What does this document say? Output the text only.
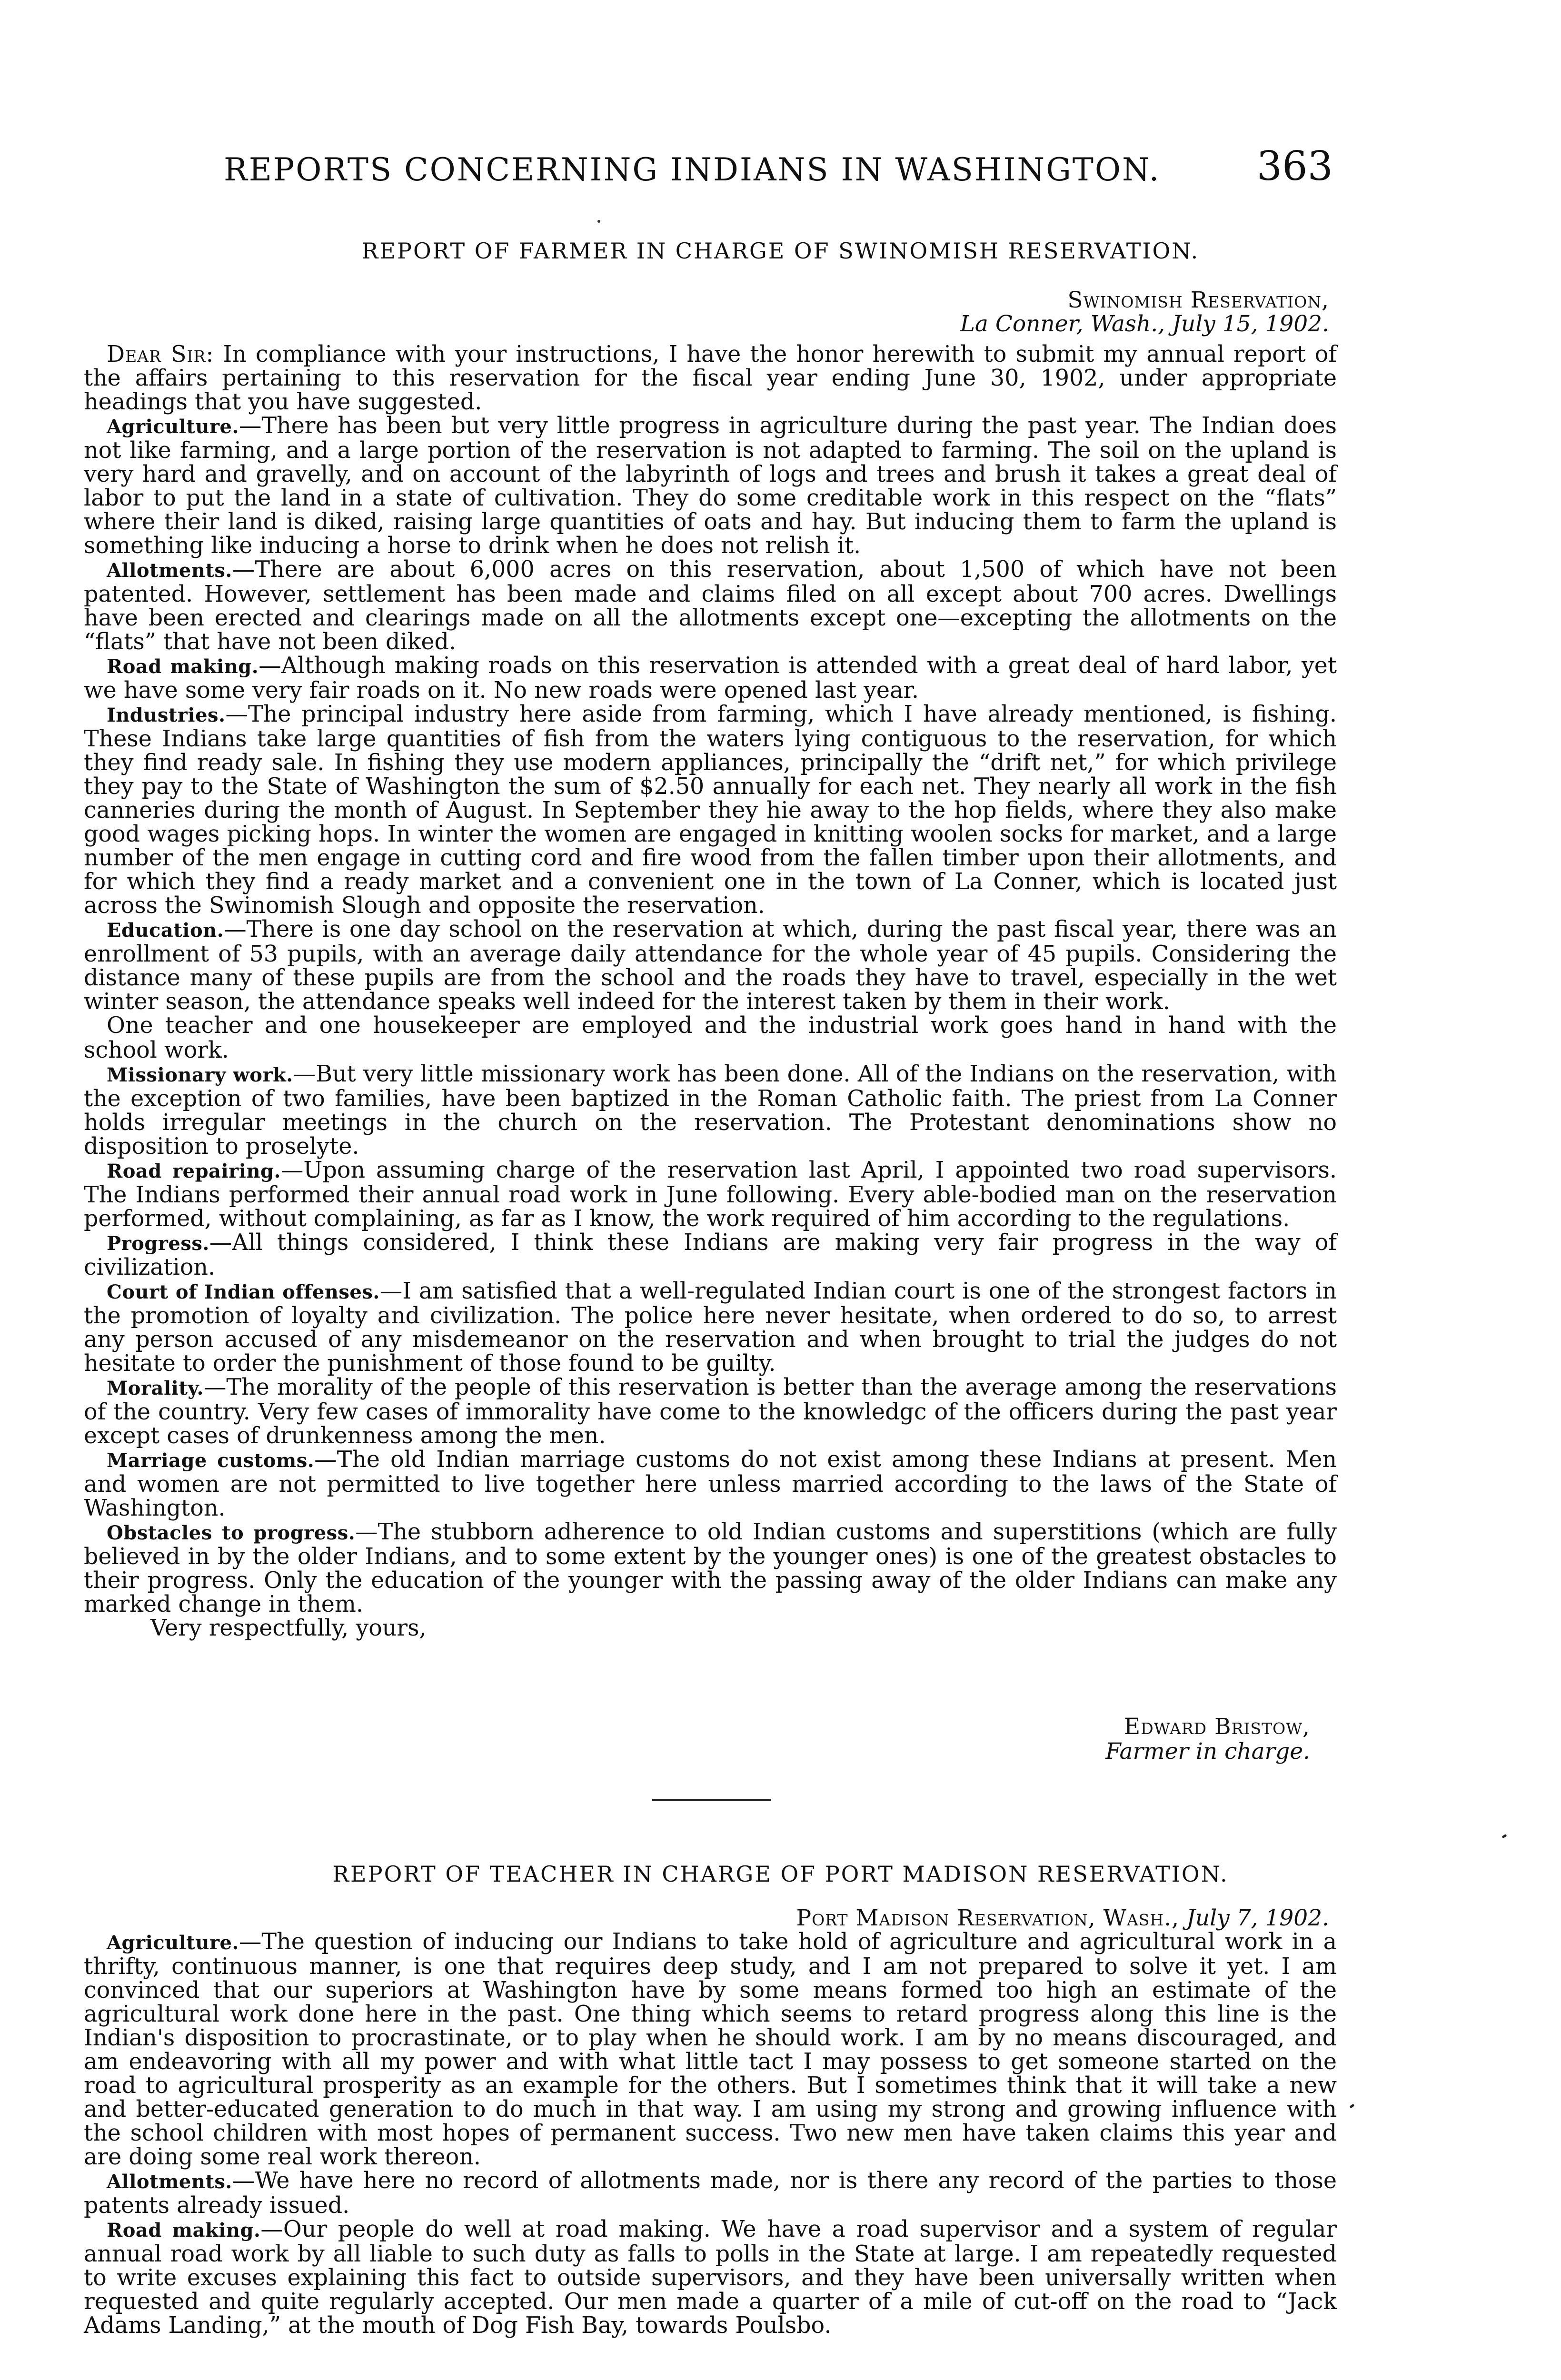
REPORTS CONCERNING INDIANS IN WASHINGTON. 363
REPORT OF FARMER IN CHARGE OF SWINOMISH RESERVATION.
Swinomish Reservation,
La Conner, Wash., July 15, 1902.

Dear Sir: In compliance with your instructions, I have the honor herewith to submit my annual report of the affairs pertaining to this reservation for the fiscal year ending June 30, 1902, under appropriate headings that you have suggested.

Agriculture.—There has been but very little progress in agriculture during the past year. The Indian does not like farming, and a large portion of the reservation is not adapted to farming. The soil on the upland is very hard and gravelly, and on account of the labyrinth of logs and trees and brush it takes a great deal of labor to put the land in a state of cultivation. They do some creditable work in this respect on the “flats” where their land is diked, raising large quantities of oats and hay. But inducing them to farm the upland is something like inducing a horse to drink when he does not relish it.

Allotments.—There are about 6,000 acres on this reservation, about 1,500 of which have not been patented. However, settlement has been made and claims filed on all except about 700 acres. Dwellings have been erected and clearings made on all the allotments except one—excepting the allotments on the “flats” that have not been diked.

Road making.—Although making roads on this reservation is attended with a great deal of hard labor, yet we have some very fair roads on it. No new roads were opened last year.

Industries.—The principal industry here aside from farming, which I have already mentioned, is fishing. These Indians take large quantities of fish from the waters lying contiguous to the reservation, for which they find ready sale. In fishing they use modern appliances, principally the “drift net,” for which privilege they pay to the State of Washington the sum of $2.50 annually for each net. They nearly all work in the fish canneries during the month of August. In September they hie away to the hop fields, where they also make good wages picking hops. In winter the women are engaged in knitting woolen socks for market, and a large number of the men engage in cutting cord and fire wood from the fallen timber upon their allotments, and for which they find a ready market and a convenient one in the town of La Conner, which is located just across the Swinomish Slough and opposite the reservation.

Education.—There is one day school on the reservation at which, during the past fiscal year, there was an enrollment of 53 pupils, with an average daily attendance for the whole year of 45 pupils. Considering the distance many of these pupils are from the school and the roads they have to travel, especially in the wet winter season, the attendance speaks well indeed for the interest taken by them in their work.

One teacher and one housekeeper are employed and the industrial work goes hand in hand with the school work.

Missionary work.—But very little missionary work has been done. All of the Indians on the reservation, with the exception of two families, have been baptized in the Roman Catholic faith. The priest from La Conner holds irregular meetings in the church on the reservation. The Protestant denominations show no disposition to proselyte.

Road repairing.—Upon assuming charge of the reservation last April, I appointed two road supervisors. The Indians performed their annual road work in June following. Every able-bodied man on the reservation performed, without complaining, as far as I know, the work required of him according to the regulations.

Progress.—All things considered, I think these Indians are making very fair progress in the way of civilization.

Court of Indian offenses.—I am satisfied that a well-regulated Indian court is one of the strongest factors in the promotion of loyalty and civilization. The police here never hesitate, when ordered to do so, to arrest any person accused of any misdemeanor on the reservation and when brought to trial the judges do not hesitate to order the punishment of those found to be guilty.

Morality.—The morality of the people of this reservation is better than the average among the reservations of the country. Very few cases of immorality have come to the knowledgc of the officers during the past year except cases of drunkenness among the men.

Marriage customs.—The old Indian marriage customs do not exist among these Indians at present. Men and women are not permitted to live together here unless married according to the laws of the State of Washington.

Obstacles to progress.—The stubborn adherence to old Indian customs and superstitions (which are fully believed in by the older Indians, and to some extent by the younger ones) is one of the greatest obstacles to their progress. Only the education of the younger with the passing away of the older Indians can make any marked change in them.

Very respectfully, yours,

Edward Bristow,
Farmer in charge.
REPORT OF TEACHER IN CHARGE OF PORT MADISON RESERVATION.
Port Madison Reservation, Wash., July 7, 1902.

Agriculture.—The question of inducing our Indians to take hold of agriculture and agricultural work in a thrifty, continuous manner, is one that requires deep study, and I am not prepared to solve it yet. I am convinced that our superiors at Washington have by some means formed too high an estimate of the agricultural work done here in the past. One thing which seems to retard progress along this line is the Indian's disposition to procrastinate, or to play when he should work. I am by no means discouraged, and am endeavoring with all my power and with what little tact I may possess to get someone started on the road to agricultural prosperity as an example for the others. But I sometimes think that it will take a new and better-educated generation to do much in that way. I am using my strong and growing influence with the school children with most hopes of permanent success. Two new men have taken claims this year and are doing some real work thereon.

Allotments.—We have here no record of allotments made, nor is there any record of the parties to those patents already issued.

Road making.—Our people do well at road making. We have a road supervisor and a system of regular annual road work by all liable to such duty as falls to polls in the State at large. I am repeatedly requested to write excuses explaining this fact to outside supervisors, and they have been universally written when requested and quite regularly accepted. Our men made a quarter of a mile of cut-off on the road to “Jack Adams Landing,” at the mouth of Dog Fish Bay, towards Poulsbo.
